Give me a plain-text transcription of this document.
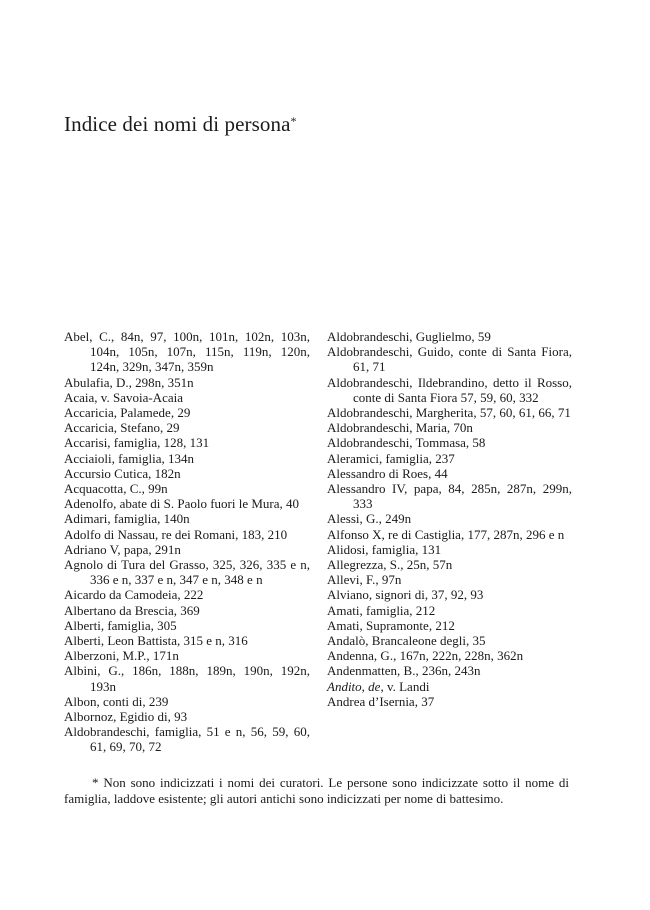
Indice dei nomi di persona*

Abel, C., 84n, 97, 100n, 101n, 102n, 103n, 104n, 105n, 107n, 115n, 119n, 120n, 124n, 329n, 347n, 359n

Abulafia, D., 298n, 351n

Acaia, v. Savoia-Acaia

Accaricia, Palamede, 29

Accaricia, Stefano, 29

Accarisi, famiglia, 128, 131

Acciaioli, famiglia, 134n

Accursio Cutica, 182n

Acquacotta, C., 99n

Adenolfo, abate di S. Paolo fuori le Mura, 40

Adimari, famiglia, 140n

Adolfo di Nassau, re dei Romani, 183, 210

Adriano V, papa, 291n

Agnolo di Tura del Grasso, 325, 326, 335 e n, 336 e n, 337 e n, 347 e n, 348 e n

Aicardo da Camodeia, 222

Albertano da Brescia, 369

Alberti, famiglia, 305

Alberti, Leon Battista, 315 e n, 316

Alberzoni, M.P., 171n

Albini, G., 186n, 188n, 189n, 190n, 192n, 193n

Albon, conti di, 239

Albornoz, Egidio di, 93

Aldobrandeschi, famiglia, 51 e n, 56, 59, 60, 61, 69, 70, 72

Aldobrandeschi, Guglielmo, 59

Aldobrandeschi, Guido, conte di Santa Fiora, 61, 71

Aldobrandeschi, Ildebrandino, detto il Rosso, conte di Santa Fiora 57, 59, 60, 332

Aldobrandeschi, Margherita, 57, 60, 61, 66, 71

Aldobrandeschi, Maria, 70n

Aldobrandeschi, Tommasa, 58

Aleramici, famiglia, 237

Alessandro di Roes, 44

Alessandro IV, papa, 84, 285n, 287n, 299n, 333

Alessi, G., 249n

Alfonso X, re di Castiglia, 177, 287n, 296 e n

Alidosi, famiglia, 131

Allegrezza, S., 25n, 57n

Allevi, F., 97n

Alviano, signori di, 37, 92, 93

Amati, famiglia, 212

Amati, Supramonte, 212

Andalò, Brancaleone degli, 35

Andenna, G., 167n, 222n, 228n, 362n

Andenmatten, B., 236n, 243n

Andito, de, v. Landi

Andrea d’Isernia, 37

* Non sono indicizzati i nomi dei curatori. Le persone sono indicizzate sotto il nome di famiglia, laddove esistente; gli autori antichi sono indicizzati per nome di battesimo.
